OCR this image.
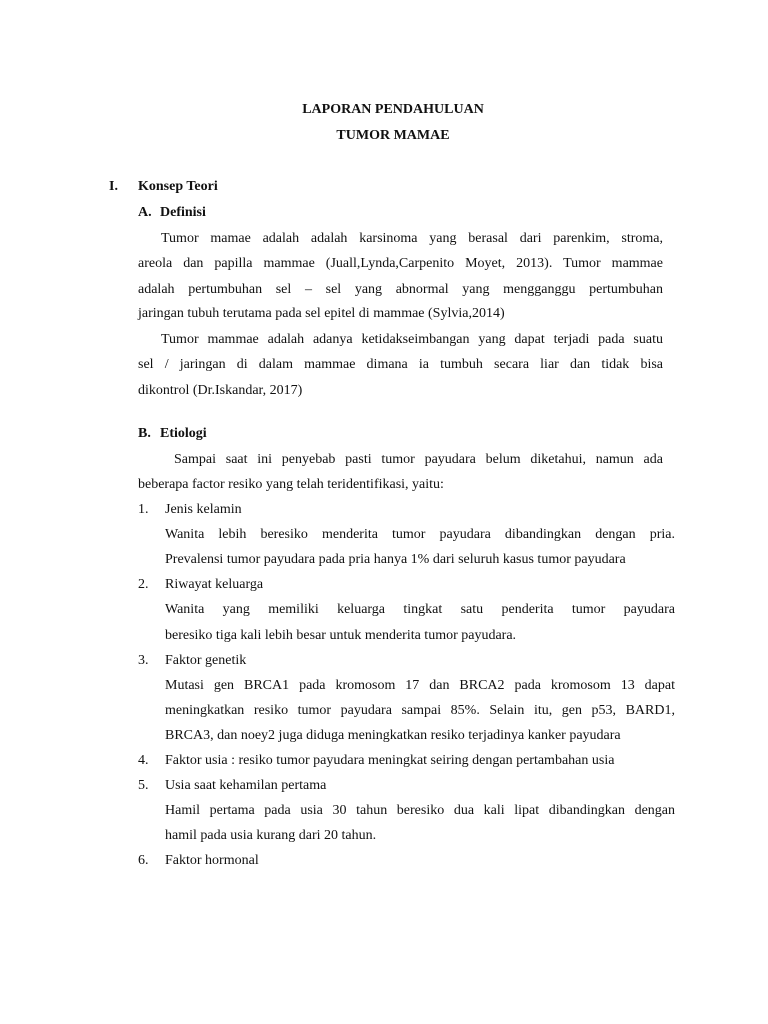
LAPORAN PENDAHULUAN
TUMOR MAMAE
I. Konsep Teori
A. Definisi
Tumor mamae adalah adalah karsinoma yang berasal dari parenkim, stroma,
areola dan papilla mammae (Juall,Lynda,Carpenito Moyet, 2013). Tumor mammae
adalah pertumbuhan sel – sel yang abnormal yang mengganggu pertumbuhan
jaringan tubuh terutama pada sel epitel di mammae (Sylvia,2014)
Tumor mammae adalah adanya ketidakseimbangan yang dapat terjadi pada suatu
sel / jaringan di dalam mammae dimana ia tumbuh secara liar dan tidak bisa
dikontrol (Dr.Iskandar, 2017)
B. Etiologi
Sampai saat ini penyebab pasti tumor payudara belum diketahui, namun ada
beberapa factor resiko yang telah teridentifikasi, yaitu:
1. Jenis kelamin
Wanita lebih beresiko menderita tumor payudara dibandingkan dengan pria.
Prevalensi tumor payudara pada pria hanya 1% dari seluruh kasus tumor payudara
2. Riwayat keluarga
Wanita yang memiliki keluarga tingkat satu penderita tumor payudara
beresiko tiga kali lebih besar untuk menderita tumor payudara.
3. Faktor genetik
Mutasi gen BRCA1 pada kromosom 17 dan BRCA2 pada kromosom 13 dapat
meningkatkan resiko tumor payudara sampai 85%. Selain itu, gen p53, BARD1,
BRCA3, dan noey2 juga diduga meningkatkan resiko terjadinya kanker payudara
4. Faktor usia : resiko tumor payudara meningkat seiring dengan pertambahan usia
5. Usia saat kehamilan pertama
Hamil pertama pada usia 30 tahun beresiko dua kali lipat dibandingkan dengan
hamil pada usia kurang dari 20 tahun.
6. Faktor hormonal
